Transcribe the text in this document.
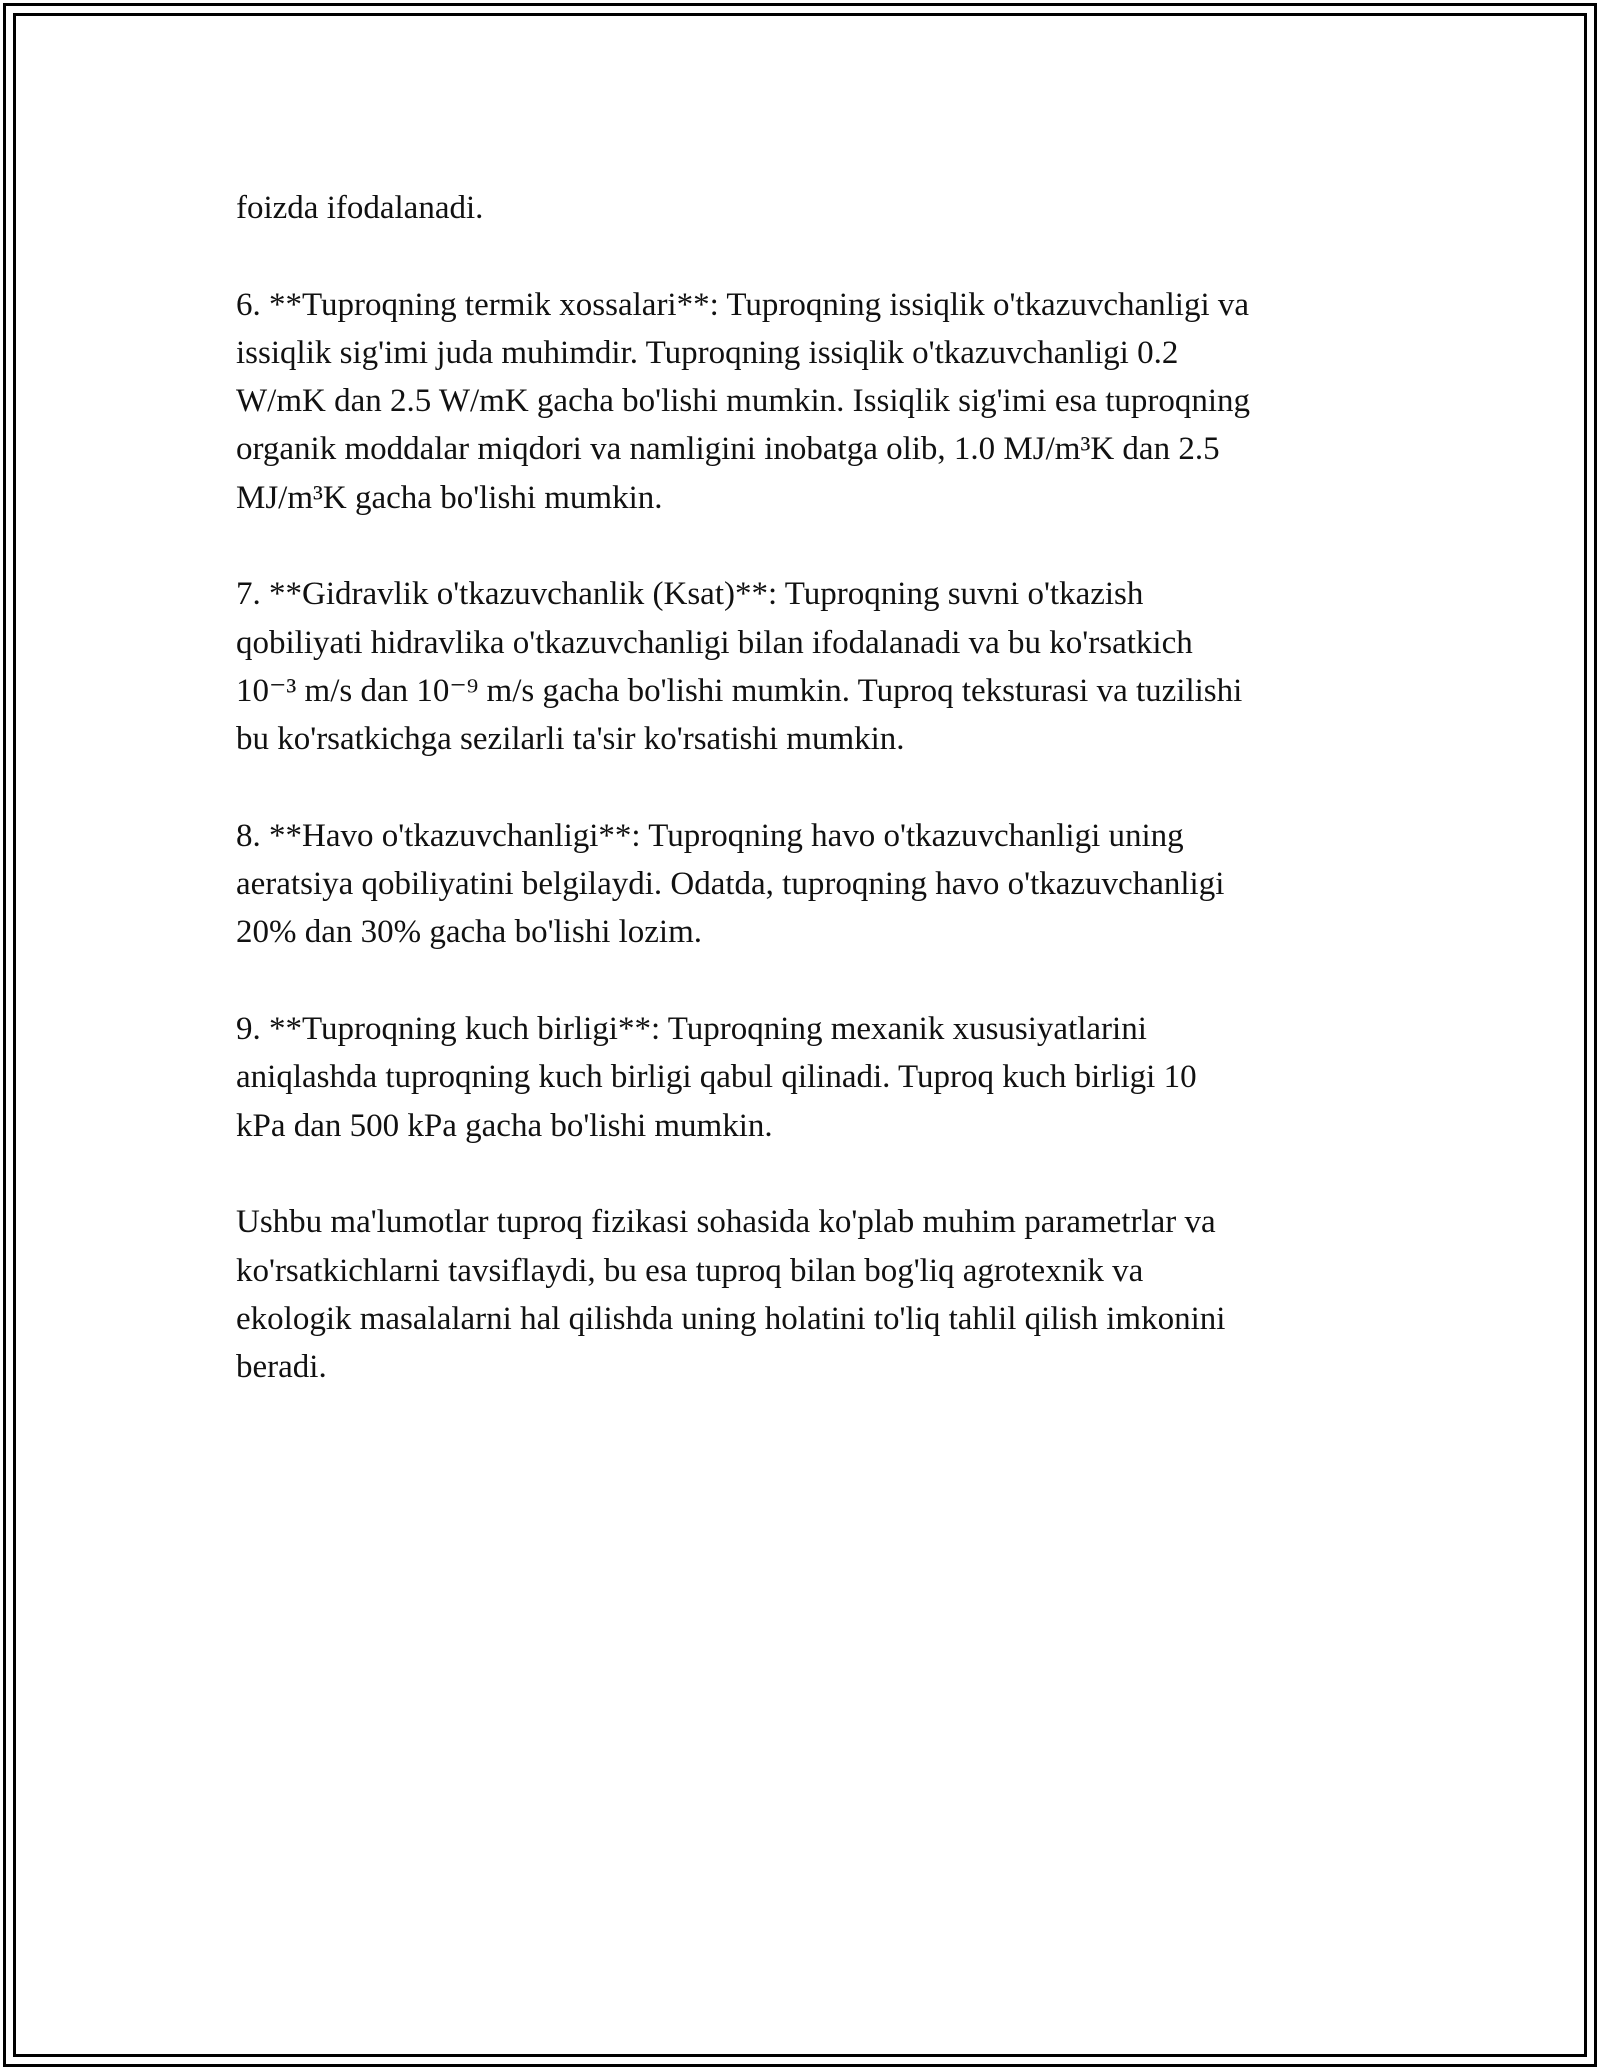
foizda ifodalanadi.

6. **Tuproqning termik xossalari**: Tuproqning issiqlik o'tkazuvchanligi va
issiqlik sig'imi juda muhimdir. Tuproqning issiqlik o'tkazuvchanligi 0.2
W/mK dan 2.5 W/mK gacha bo'lishi mumkin. Issiqlik sig'imi esa tuproqning
organik moddalar miqdori va namligini inobatga olib, 1.0 MJ/m³K dan 2.5
MJ/m³K gacha bo'lishi mumkin.

7. **Gidravlik o'tkazuvchanlik (Ksat)**: Tuproqning suvni o'tkazish
qobiliyati hidravlika o'tkazuvchanligi bilan ifodalanadi va bu ko'rsatkich
10⁻³ m/s dan 10⁻⁹ m/s gacha bo'lishi mumkin. Tuproq teksturasi va tuzilishi
bu ko'rsatkichga sezilarli ta'sir ko'rsatishi mumkin.

8. **Havo o'tkazuvchanligi**: Tuproqning havo o'tkazuvchanligi uning
aeratsiya qobiliyatini belgilaydi. Odatda, tuproqning havo o'tkazuvchanligi
20% dan 30% gacha bo'lishi lozim.

9. **Tuproqning kuch birligi**: Tuproqning mexanik xususiyatlarini
aniqlashda tuproqning kuch birligi qabul qilinadi. Tuproq kuch birligi 10
kPa dan 500 kPa gacha bo'lishi mumkin.

Ushbu ma'lumotlar tuproq fizikasi sohasida ko'plab muhim parametrlar va
ko'rsatkichlarni tavsiflaydi, bu esa tuproq bilan bog'liq agrotexnik va
ekologik masalalarni hal qilishda uning holatini to'liq tahlil qilish imkonini
beradi.
